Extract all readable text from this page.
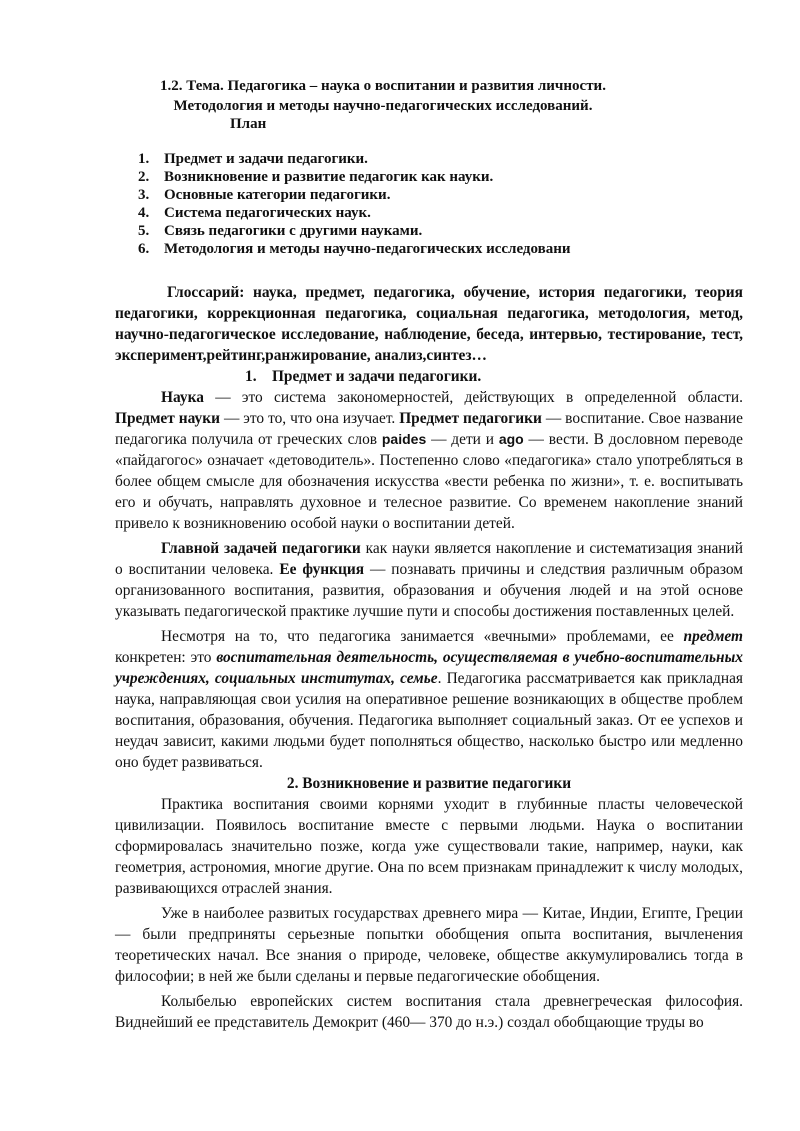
1.2. Тема. Педагогика – наука о воспитании и развития личности.
Методология и методы научно-педагогических исследований.
План
1. Предмет и задачи педагогики.
2. Возникновение и развитие педагогик как науки.
3. Основные категории педагогики.
4. Система педагогических наук.
5. Связь педагогики с другими науками.
6. Методология и методы научно-педагогических исследовани

Глоссарий: наука, предмет, педагогика, обучение, история педагогики, теория педагогики, коррекционная педагогика, социальная педагогика, методология, метод, научно-педагогическое исследование, наблюдение, беседа, интервью, тестирование, тест, эксперимент,рейтинг,ранжирование, анализ,синтез…

1. Предмет и задачи педагогики.

Наука — это система закономерностей, действующих в определенной области. Предмет науки — это то, что она изучает. Предмет педагогики — воспитание. Свое название педагогика получила от греческих слов paides — дети и ago — вести. В дословном переводе «пайдагогос» означает «детоводитель». Постепенно слово «педагогика» стало употребляться в более общем смысле для обозначения искусства «вести ребенка по жизни», т. е. воспитывать его и обучать, направлять духовное и телесное развитие. Со временем накопление знаний привело к возникновению особой науки о воспитании детей.

Главной задачей педагогики как науки является накопление и систематизация знаний о воспитании человека. Ее функция — познавать причины и следствия различным образом организованного воспитания, развития, образования и обучения людей и на этой основе указывать педагогической практике лучшие пути и способы достижения поставленных целей.

Несмотря на то, что педагогика занимается «вечными» проблемами, ее предмет конкретен: это воспитательная деятельность, осуществляемая в учебно-воспитательных учреждениях, социальных институтах, семье. Педагогика рассматривается как прикладная наука, направляющая свои усилия на оперативное решение возникающих в обществе проблем воспитания, образования, обучения. Педагогика выполняет социальный заказ. От ее успехов и неудач зависит, какими людьми будет пополняться общество, насколько быстро или медленно оно будет развиваться.

2. Возникновение и развитие педагогики

Практика воспитания своими корнями уходит в глубинные пласты человеческой цивилизации. Появилось воспитание вместе с первыми людьми. Наука о воспитании сформировалась значительно позже, когда уже существовали такие, например, науки, как геометрия, астрономия, многие другие. Она по всем признакам принадлежит к числу молодых, развивающихся отраслей знания.

Уже в наиболее развитых государствах древнего мира — Китае, Индии, Египте, Греции — были предприняты серьезные попытки обобщения опыта воспитания, вычленения теоретических начал. Все знания о природе, человеке, обществе аккумулировались тогда в философии; в ней же были сделаны и первые педагогические обобщения.

Колыбелью европейских систем воспитания стала древнегреческая философия. Виднейший ее представитель Демокрит (460— 370 до н.э.) создал обобщающие труды во
